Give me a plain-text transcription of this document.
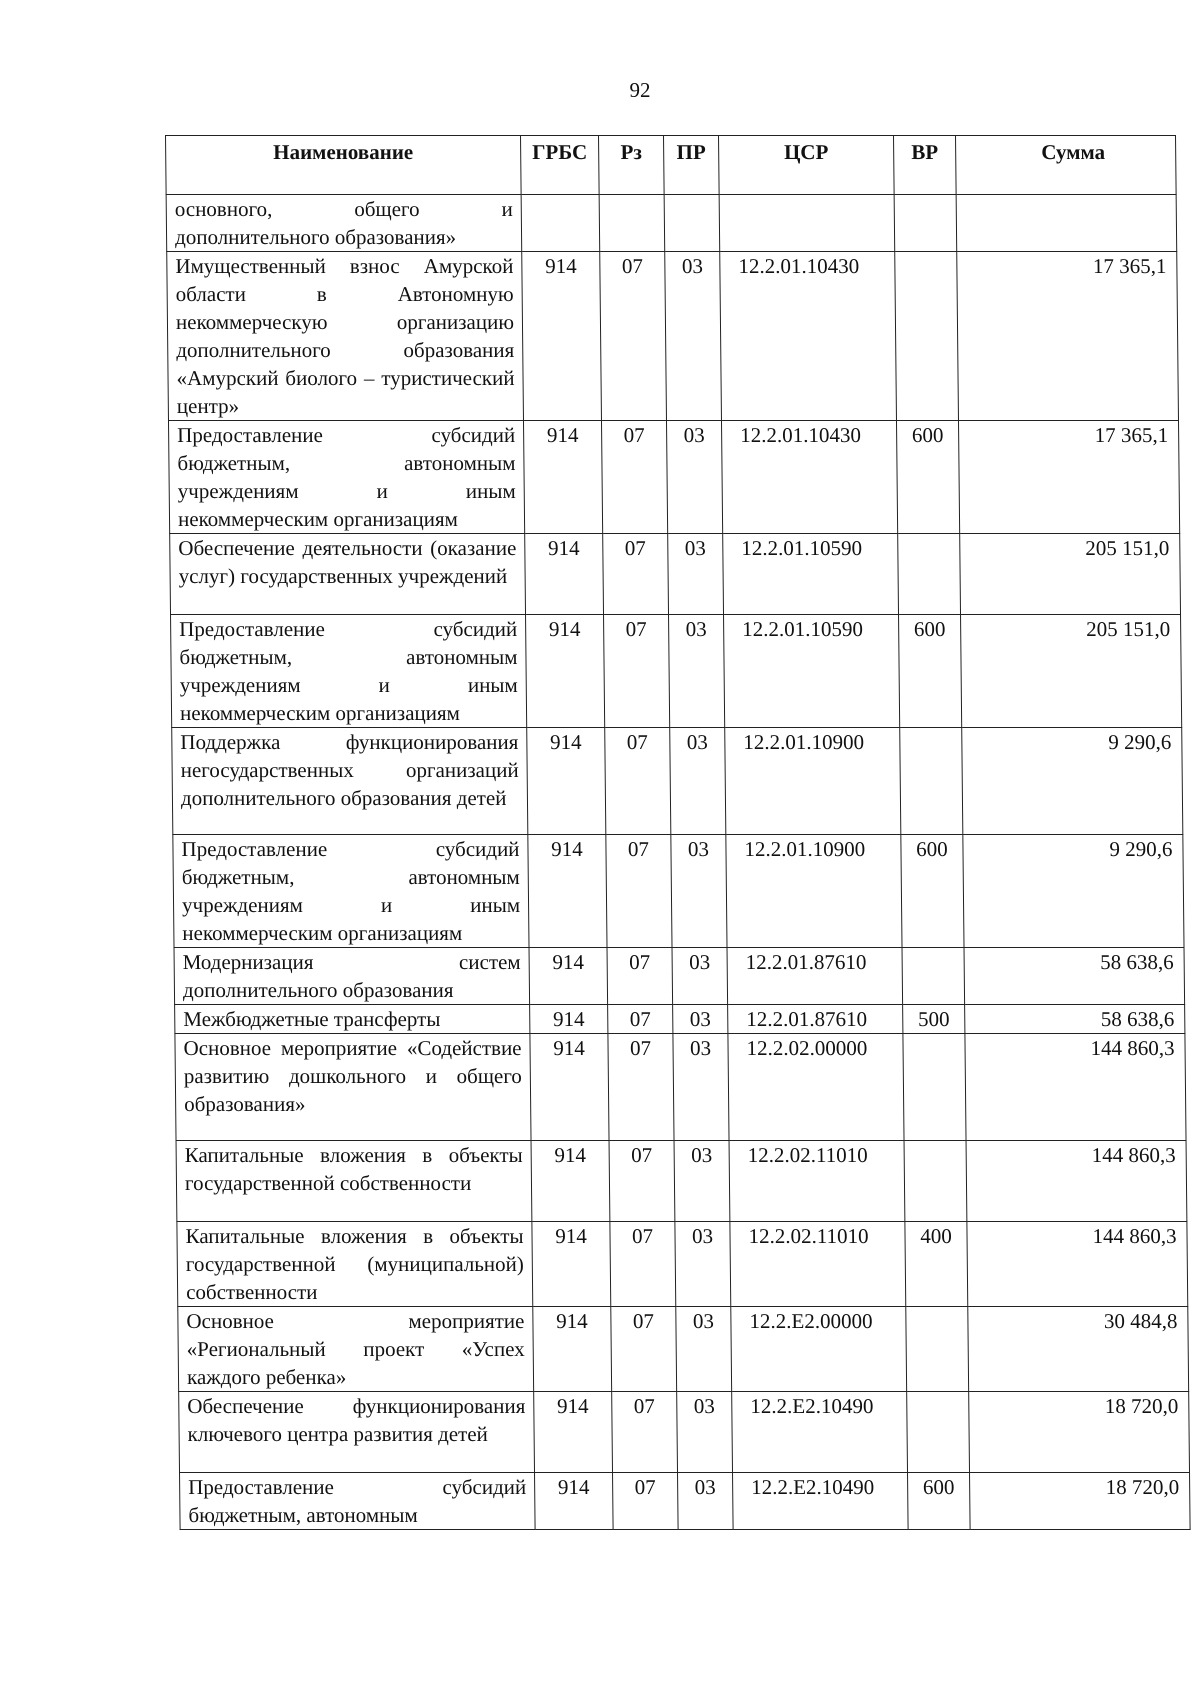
92
Наименование	ГРБС	Рз	ПР	ЦСР	ВР	Сумма
основного, общего и дополнительного образования»						
Имущественный взнос Амурской области в Автономную некоммерческую организацию дополнительного образования «Амурский биолого – туристический центр»	914	07	03	12.2.01.10430		17 365,1
Предоставление субсидий бюджетным, автономным учреждениям и иным некоммерческим организациям	914	07	03	12.2.01.10430	600	17 365,1
Обеспечение деятельности (оказание услуг) государственных учреждений	914	07	03	12.2.01.10590		205 151,0
Предоставление субсидий бюджетным, автономным учреждениям и иным некоммерческим организациям	914	07	03	12.2.01.10590	600	205 151,0
Поддержка функционирования негосударственных организаций дополнительного образования детей	914	07	03	12.2.01.10900		9 290,6
Предоставление субсидий бюджетным, автономным учреждениям и иным некоммерческим организациям	914	07	03	12.2.01.10900	600	9 290,6
Модернизация систем дополнительного образования	914	07	03	12.2.01.87610		58 638,6
Межбюджетные трансферты	914	07	03	12.2.01.87610	500	58 638,6
Основное мероприятие «Содействие развитию дошкольного и общего образования»	914	07	03	12.2.02.00000		144 860,3
Капитальные вложения в объекты государственной собственности	914	07	03	12.2.02.11010		144 860,3
Капитальные вложения в объекты государственной (муниципальной) собственности	914	07	03	12.2.02.11010	400	144 860,3
Основное мероприятие «Региональный проект «Успех каждого ребенка»	914	07	03	12.2.E2.00000		30 484,8
Обеспечение функционирования ключевого центра развития детей	914	07	03	12.2.E2.10490		18 720,0
Предоставление субсидий бюджетным, автономным	914	07	03	12.2.E2.10490	600	18 720,0
